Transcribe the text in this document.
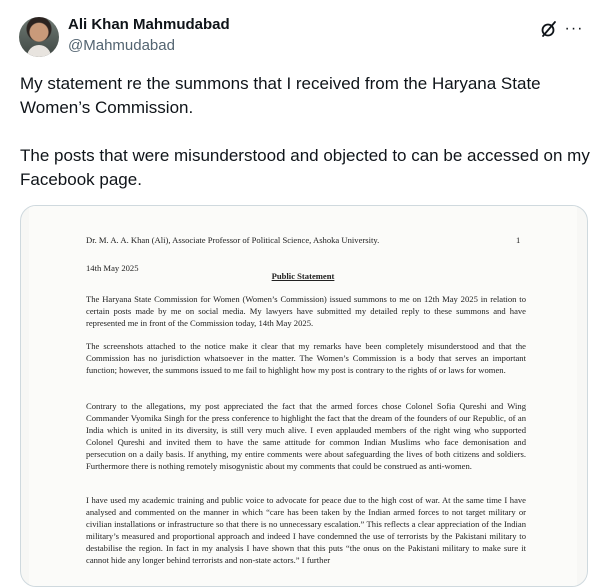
Ali Khan Mahmudabad
@Mahmudabad
···

My statement re the summons that I received from the Haryana State Women’s Commission.

The posts that were misunderstood and objected to can be accessed on my Facebook page.

Dr. M. A. A. Khan (Ali), Associate Professor of Political Science, Ashoka University.	1
14th May 2025
Public Statement
The Haryana State Commission for Women (Women’s Commission) issued summons to me on 12th May 2025 in relation to certain posts made by me on social media. My lawyers have submitted my detailed reply to these summons and have represented me in front of the Commission today, 14th May 2025.
The screenshots attached to the notice make it clear that my remarks have been completely misunderstood and that the Commission has no jurisdiction whatsoever in the matter. The Women’s Commission is a body that serves an important function; however, the summons issued to me fail to highlight how my post is contrary to the rights of or laws for women.
Contrary to the allegations, my post appreciated the fact that the armed forces chose Colonel Sofia Qureshi and Wing Commander Vyomika Singh for the press conference to highlight the fact that the dream of the founders of our Republic, of an India which is united in its diversity, is still very much alive. I even applauded members of the right wing who supported Colonel Qureshi and invited them to have the same attitude for common Indian Muslims who face demonisation and persecution on a daily basis. If anything, my entire comments were about safeguarding the lives of both citizens and soldiers. Furthermore there is nothing remotely misogynistic about my comments that could be construed as anti-women.
I have used my academic training and public voice to advocate for peace due to the high cost of war. At the same time I have analysed and commented on the manner in which “care has been taken by the Indian armed forces to not target military or civilian installations or infrastructure so that there is no unnecessary escalation.” This reflects a clear appreciation of the Indian military’s measured and proportional approach and indeed I have condemned the use of terrorists by the Pakistani military to destabilise the region. In fact in my analysis I have shown that this puts “the onus on the Pakistani military to make sure it cannot hide any longer behind terrorists and non-state actors.” I further
